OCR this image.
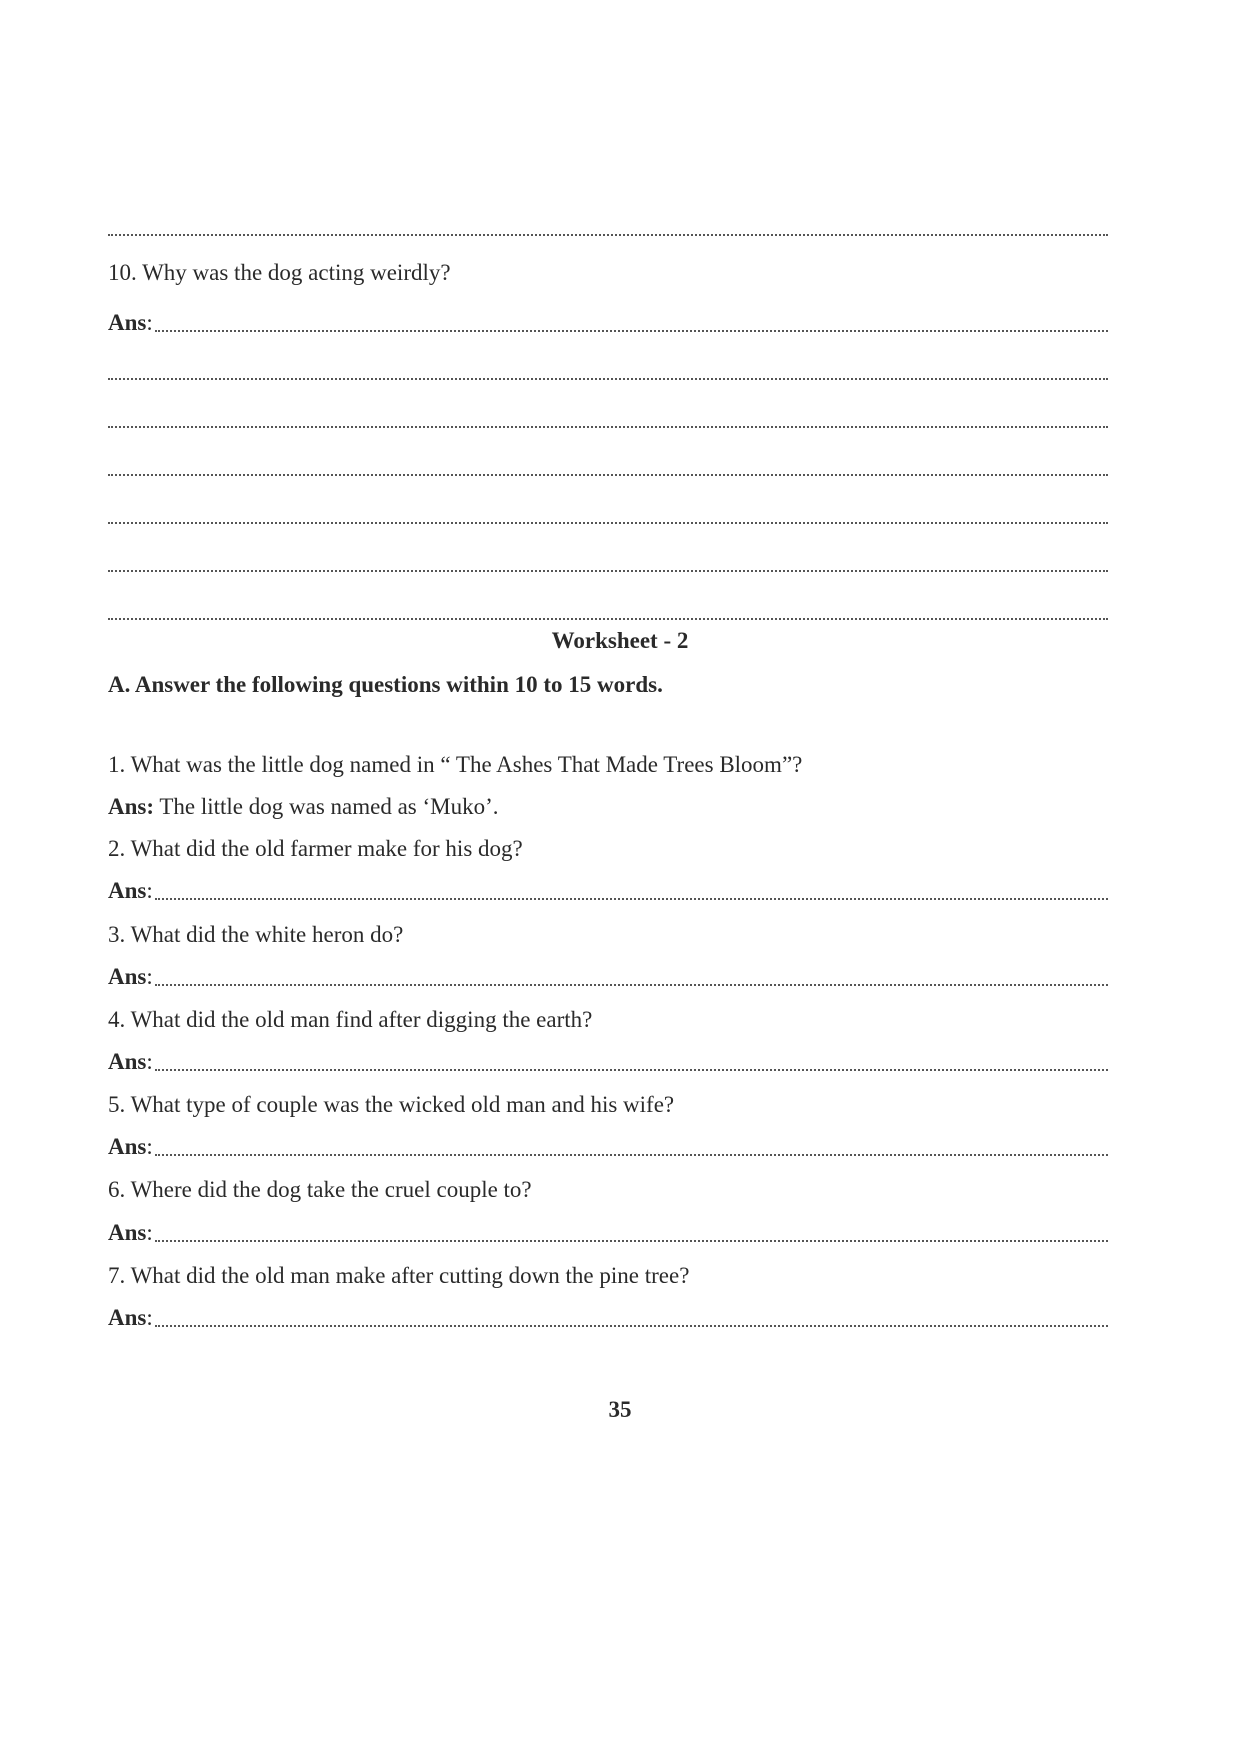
10. Why was the dog acting weirdly?
Ans :
Worksheet - 2
A. Answer the following questions within 10 to 15 words.
1. What was the little dog named in “ The Ashes That Made Trees Bloom”?
Ans: The little dog was named as ‘Muko’.
2. What did the old farmer make for his dog?
Ans :
3. What did the white heron do?
Ans :
4. What did the old man find after digging the earth?
Ans :
5. What type of couple was the wicked old man and his wife?
Ans :
6. Where did the dog take the cruel couple to?
Ans :
7. What did the old man make after cutting down the pine tree?
Ans :
35
